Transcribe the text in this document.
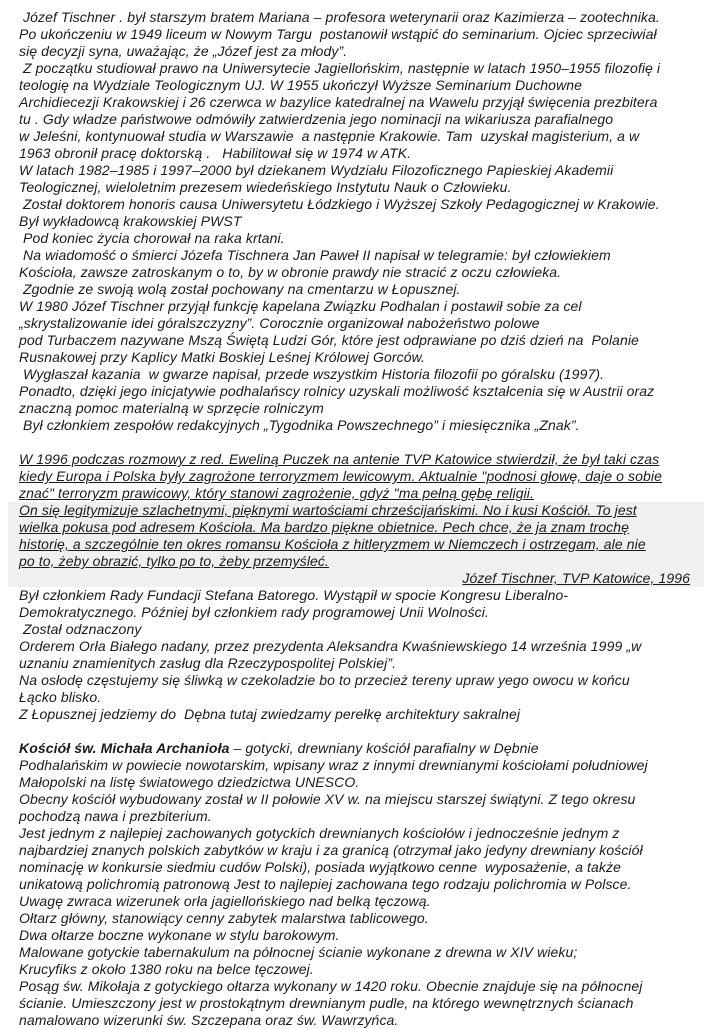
Józef Tischner . był starszym bratem Mariana – profesora weterynarii oraz Kazimierza – zootechnika.
Po ukończeniu w 1949 liceum w Nowym Targu  postanowił wstąpić do seminarium. Ojciec sprzeciwiał
się decyzji syna, uważając, że „Józef jest za młody”.
Z początku studiował prawo na Uniwersytecie Jagiellońskim, następnie w latach 1950–1955 filozofię i
teologię na Wydziale Teologicznym UJ. W 1955 ukończył Wyższe Seminarium Duchowne
Archidiecezji Krakowskiej i 26 czerwca w bazylice katedralnej na Wawelu przyjął święcenia prezbitera
tu . Gdy władze państwowe odmówiły zatwierdzenia jego nominacji na wikariusza parafialnego
w Jeleśni, kontynuował studia w Warszawie  a następnie Krakowie. Tam  uzyskał magisterium, a w
1963 obronił pracę doktorską .   Habilitował się w 1974 w ATK.
W latach 1982–1985 i 1997–2000 był dziekanem Wydziału Filozoficznego Papieskiej Akademii
Teologicznej, wieloletnim prezesem wiedeńskiego Instytutu Nauk o Człowieku.
Został doktorem honoris causa Uniwersytetu Łódzkiego i Wyższej Szkoły Pedagogicznej w Krakowie.
Był wykładowcą krakowskiej PWST
Pod koniec życia chorował na raka krtani.
Na wiadomość o śmierci Józefa Tischnera Jan Paweł II napisał w telegramie: był człowiekiem
Kościoła, zawsze zatroskanym o to, by w obronie prawdy nie stracić z oczu człowieka.
Zgodnie ze swoją wolą został pochowany na cmentarzu w Łopusznej.
W 1980 Józef Tischner przyjął funkcję kapelana Związku Podhalan i postawił sobie za cel
„skrystalizowanie idei góralszczyzny”. Corocznie organizował nabożeństwo polowe
pod Turbaczem nazywane Mszą Świętą Ludzi Gór, które jest odprawiane po dziś dzień na  Polanie
Rusnakowej przy Kaplicy Matki Boskiej Leśnej Królowej Gorców.
Wygłaszał kazania  w gwarze napisał, przede wszystkim Historia filozofii po góralsku (1997).
Ponadto, dzięki jego inicjatywie podhalańscy rolnicy uzyskali możliwość kształcenia się w Austrii oraz
znaczną pomoc materialną w sprzęcie rolniczym
Był członkiem zespołów redakcyjnych „Tygodnika Powszechnego” i miesięcznika „Znak”.
W 1996 podczas rozmowy z red. Eweliną Puczek na antenie TVP Katowice stwierdził, że był taki czas
kiedy Europa i Polska były zagrożone terroryzmem lewicowym. Aktualnie "podnosi głowę, daje o sobie
znać" terroryzm prawicowy, który stanowi zagrożenie, gdyż "ma pełną gębę religii.
On się legitymizuje szlachetnymi, pięknymi wartościami chrześcijańskimi. No i kusi Kościół. To jest
wielka pokusa pod adresem Kościoła. Ma bardzo piękne obietnice. Pech chce, że ja znam trochę
historię, a szczególnie ten okres romansu Kościoła z hitleryzmem w Niemczech i ostrzegam, ale nie
po to, żeby obrazić, tylko po to, żeby przemyśleć.
Józef Tischner, TVP Katowice, 1996
Był członkiem Rady Fundacji Stefana Batorego. Wystąpił w spocie Kongresu Liberalno-
Demokratycznego. Później był członkiem rady programowej Unii Wolności.
Został odznaczony
Orderem Orła Białego nadany, przez prezydenta Aleksandra Kwaśniewskiego 14 września 1999 „w
uznaniu znamienitych zasług dla Rzeczypospolitej Polskiej”.
Na osłodę częstujemy się śliwką w czekoladzie bo to przecież tereny upraw yego owocu w końcu
Łącko blisko.
Z Łopusznej jedziemy do  Dębna tutaj zwiedzamy perełkę architektury sakralnej
Kościół św. Michała Archanioła – gotycki, drewniany kościół parafialny w Dębnie
Podhalańskim w powiecie nowotarskim, wpisany wraz z innymi drewnianymi kościołami południowej
Małopolski na listę światowego dziedzictwa UNESCO.
Obecny kościół wybudowany został w II połowie XV w. na miejscu starszej świątyni. Z tego okresu
pochodzą nawa i prezbiterium.
Jest jednym z najlepiej zachowanych gotyckich drewnianych kościołów i jednocześnie jednym z
najbardziej znanych polskich zabytków w kraju i za granicą (otrzymał jako jedyny drewniany kościół
nominację w konkursie siedmiu cudów Polski), posiada wyjątkowo cenne  wyposażenie, a także
unikatową polichromią patronową Jest to najlepiej zachowana tego rodzaju polichromia w Polsce.
Uwagę zwraca wizerunek orła jagiellońskiego nad belką tęczową.
Ołtarz główny, stanowiący cenny zabytek malarstwa tablicowego.
Dwa ołtarze boczne wykonane w stylu barokowym.
Malowane gotyckie tabernakulum na północnej ścianie wykonane z drewna w XIV wieku;
Krucyfiks z około 1380 roku na belce tęczowej.
Posąg św. Mikołaja z gotyckiego ołtarza wykonany w 1420 roku. Obecnie znajduje się na północnej
ścianie. Umieszczony jest w prostokątnym drewnianym pudle, na którego wewnętrznych ścianach
namalowano wizerunki św. Szczepana oraz św. Wawrzyńca.
